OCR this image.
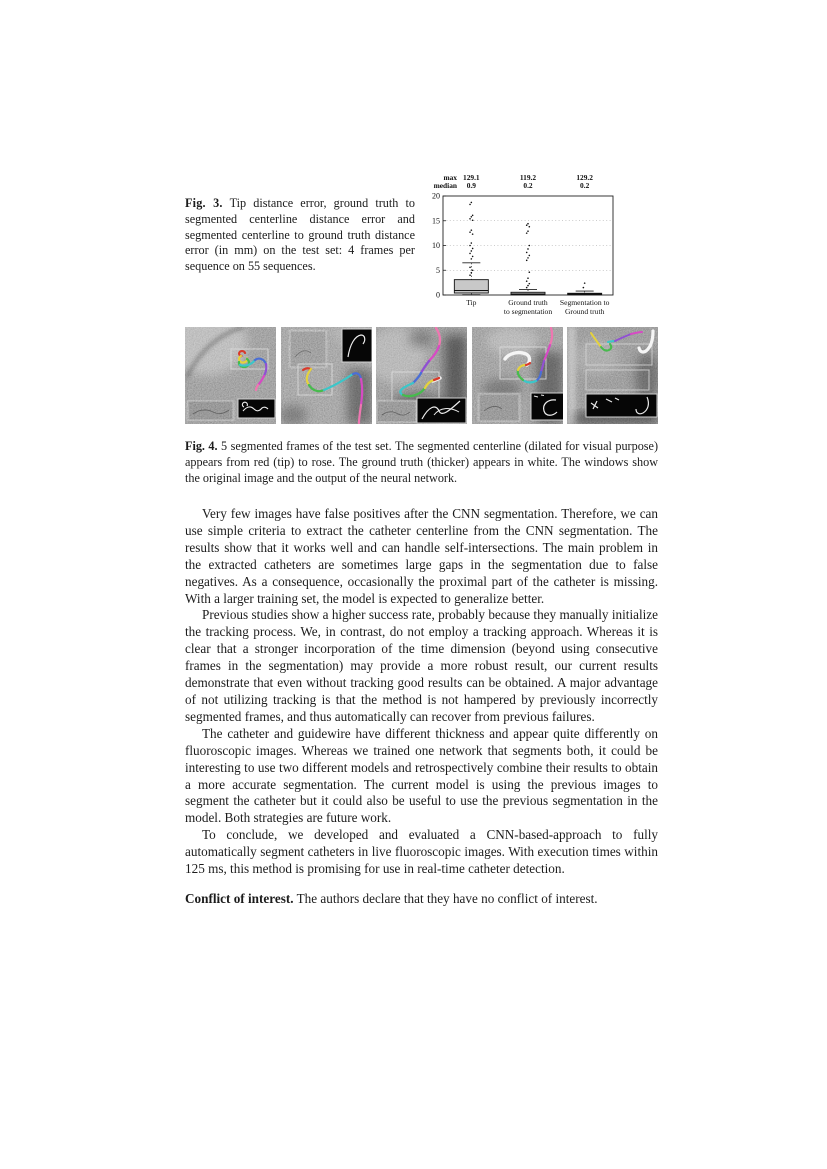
Fig. 3. Tip distance error, ground truth to segmented centerline distance error and segmented centerline to ground truth distance error (in mm) on the test set: 4 frames per sequence on 55 sequences.
0
5
10
15
20
max
median
129.1
0.9
Tip
119.2
0.2
Ground truth
to segmentation
129.2
0.2
Segmentation to
Ground truth
Fig. 4. 5 segmented frames of the test set. The segmented centerline (dilated for visual purpose) appears from red (tip) to rose. The ground truth (thicker) appears in white. The windows show the original image and the output of the neural network.

Very few images have false positives after the CNN segmentation. Therefore, we can use simple criteria to extract the catheter centerline from the CNN segmentation. The results show that it works well and can handle self-intersections. The main problem in the extracted catheters are sometimes large gaps in the segmentation due to false negatives. As a consequence, occasionally the proximal part of the catheter is missing. With a larger training set, the model is expected to generalize better.

Previous studies show a higher success rate, probably because they manually initialize the tracking process. We, in contrast, do not employ a tracking approach. Whereas it is clear that a stronger incorporation of the time dimension (beyond using consecutive frames in the segmentation) may provide a more robust result, our current results demonstrate that even without tracking good results can be obtained. A major advantage of not utilizing tracking is that the method is not hampered by previously incorrectly segmented frames, and thus automatically can recover from previous failures.

The catheter and guidewire have different thickness and appear quite differently on fluoroscopic images. Whereas we trained one network that segments both, it could be interesting to use two different models and retrospectively combine their results to obtain a more accurate segmentation. The current model is using the previous images to segment the catheter but it could also be useful to use the previous segmentation in the model. Both strategies are future work.

To conclude, we developed and evaluated a CNN-based-approach to fully automatically segment catheters in live fluoroscopic images. With execution times within 125 ms, this method is promising for use in real-time catheter detection.

Conflict of interest. The authors declare that they have no conflict of interest.
